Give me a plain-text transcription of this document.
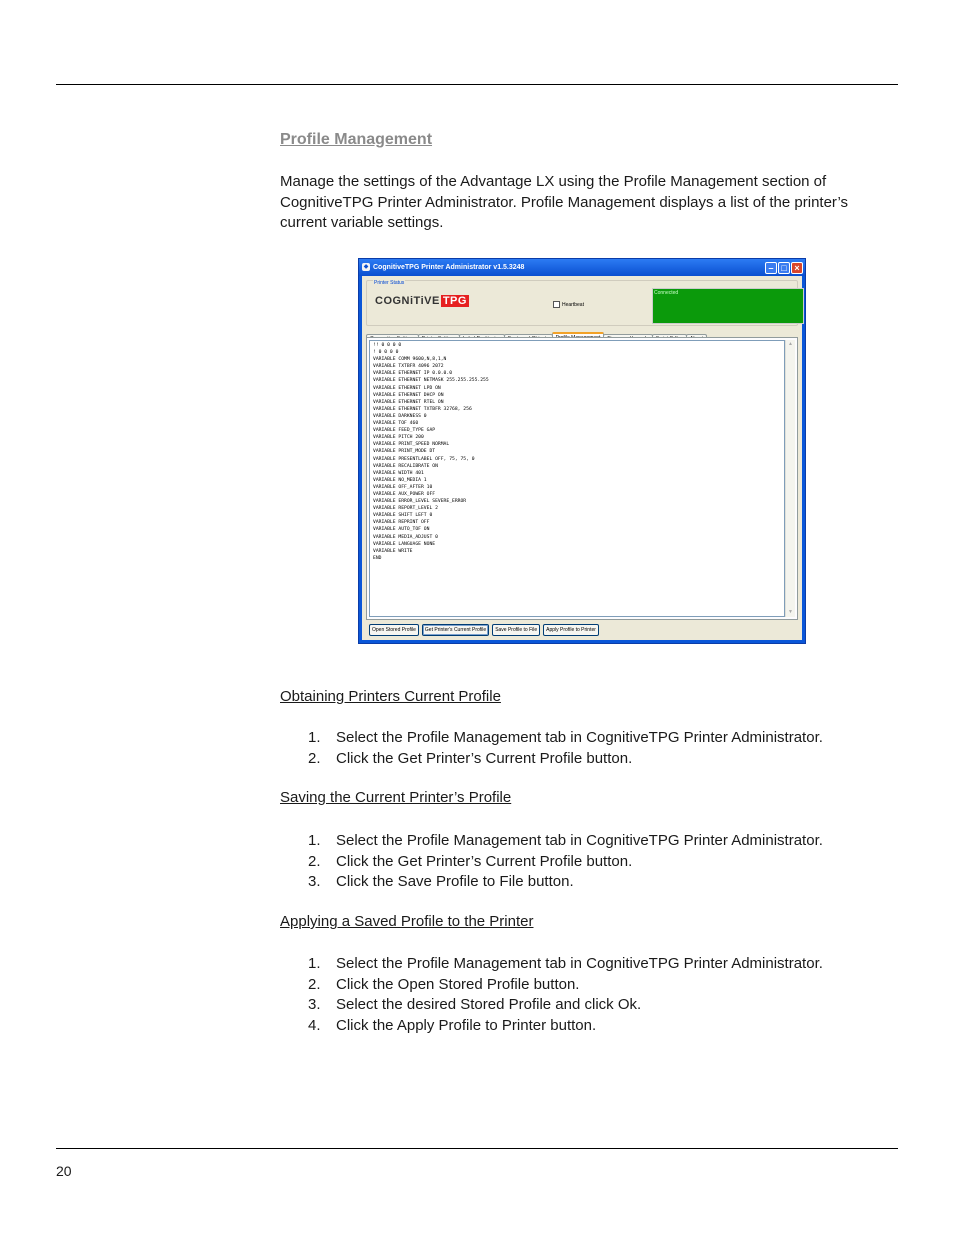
Profile Management
Manage the settings of the Advantage LX using the Profile Management section of CognitiveTPG Printer Administrator. Profile Management displays a list of the printer’s current variable settings.
◆ CognitiveTPG Printer Administrator v1.5.3248	– □ ×
Printer Status
COGNiTiVE TPG	Heartbeat
Connected
!! 0 0 0 0
! 0 0 0 0
VARIABLE COMM 9600,N,8,1,N
VARIABLE TXTBFR 4096 2072
VARIABLE ETHERNET IP 0.0.0.0
VARIABLE ETHERNET NETMASK 255.255.255.255
VARIABLE ETHERNET LPD ON
VARIABLE ETHERNET DHCP ON
VARIABLE ETHERNET RTEL ON
VARIABLE ETHERNET TXTBFR 32768, 256
VARIABLE DARKNESS 0
VARIABLE TOF 460
VARIABLE FEED_TYPE GAP
VARIABLE PITCH 200
VARIABLE PRINT_SPEED NORMAL
VARIABLE PRINT_MODE DT
VARIABLE PRESENTLABEL OFF, 75, 75, 0
VARIABLE RECALIBRATE ON
VARIABLE WIDTH 401
VARIABLE NO_MEDIA 1
VARIABLE OFF_AFTER 10
VARIABLE AUX_POWER OFF
VARIABLE ERROR_LEVEL SEVERE_ERROR
VARIABLE REPORT_LEVEL 2
VARIABLE SHIFT LEFT 0
VARIABLE REPRINT OFF
VARIABLE AUTO_TOF ON
VARIABLE MEDIA_ADJUST 0
VARIABLE LANGUAGE NONE
VARIABLE WRITE
END
▲
▼
Open Stored Profile Get Printer's Current Profile Save Profile to File Apply Profile to Printer
Obtaining Printers Current Profile
1. Select the Profile Management tab in CognitiveTPG Printer Administrator.
2. Click the Get Printer’s Current Profile button.
Saving the Current Printer’s Profile
1. Select the Profile Management tab in CognitiveTPG Printer Administrator.
2. Click the Get Printer’s Current Profile button.
3. Click the Save Profile to File button.
Applying a Saved Profile to the Printer
1. Select the Profile Management tab in CognitiveTPG Printer Administrator.
2. Click the Open Stored Profile button.
3. Select the desired Stored Profile and click Ok.
4. Click the Apply Profile to Printer button.
20
